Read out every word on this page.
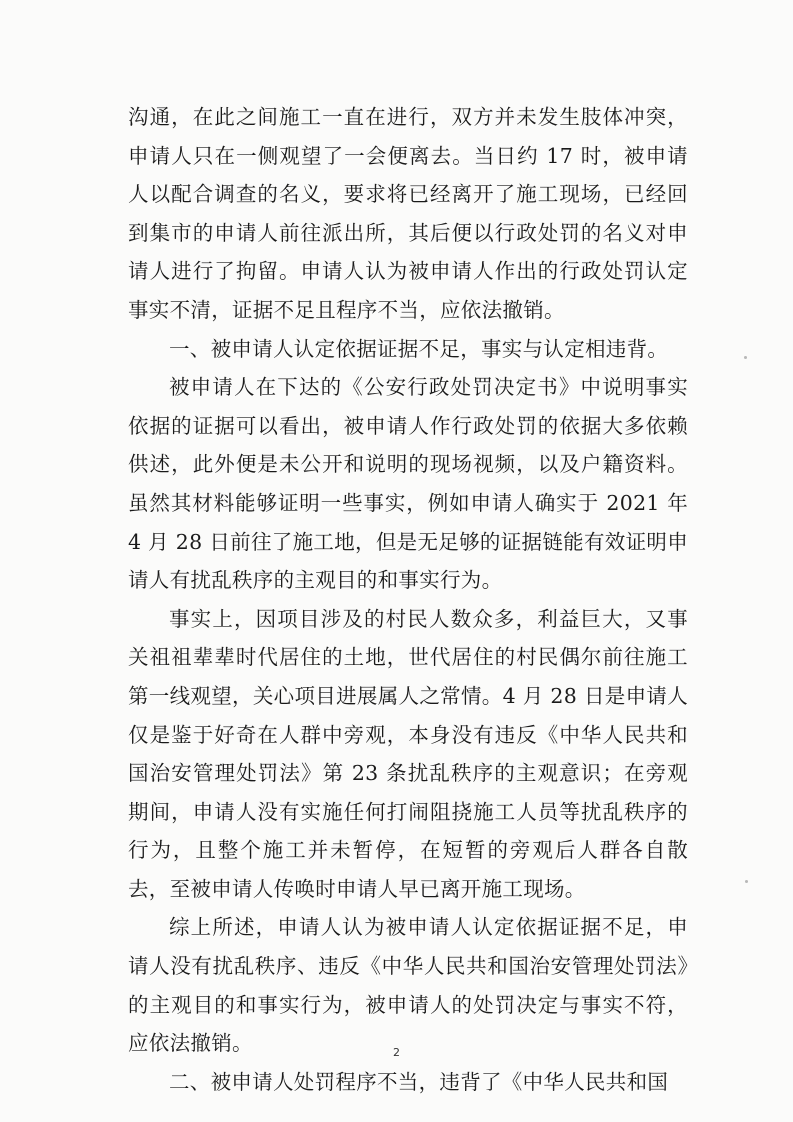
沟通，在此之间施工一直在进行，双方并未发生肢体冲突，申请人只在一侧观望了一会便离去。当日约 17 时，被申请人以配合调查的名义，要求将已经离开了施工现场，已经回到集市的申请人前往派出所，其后便以行政处罚的名义对申请人进行了拘留。申请人认为被申请人作出的行政处罚认定事实不清，证据不足且程序不当，应依法撤销。

一、被申请人认定依据证据不足，事实与认定相违背。

被申请人在下达的《公安行政处罚决定书》中说明事实依据的证据可以看出，被申请人作行政处罚的依据大多依赖供述，此外便是未公开和说明的现场视频，以及户籍资料。虽然其材料能够证明一些事实，例如申请人确实于 2021 年 4 月 28 日前往了施工地，但是无足够的证据链能有效证明申请人有扰乱秩序的主观目的和事实行为。

事实上，因项目涉及的村民人数众多，利益巨大，又事关祖祖辈辈时代居住的土地，世代居住的村民偶尔前往施工第一线观望，关心项目进展属人之常情。4 月 28 日是申请人仅是鉴于好奇在人群中旁观，本身没有违反《中华人民共和国治安管理处罚法》第 23 条扰乱秩序的主观意识；在旁观期间，申请人没有实施任何打闹阻挠施工人员等扰乱秩序的行为，且整个施工并未暂停，在短暂的旁观后人群各自散去，至被申请人传唤时申请人早已离开施工现场。

综上所述，申请人认为被申请人认定依据证据不足，申请人没有扰乱秩序、违反《中华人民共和国治安管理处罚法》的主观目的和事实行为，被申请人的处罚决定与事实不符，应依法撤销。

二、被申请人处罚程序不当，违背了《中华人民共和国

2
